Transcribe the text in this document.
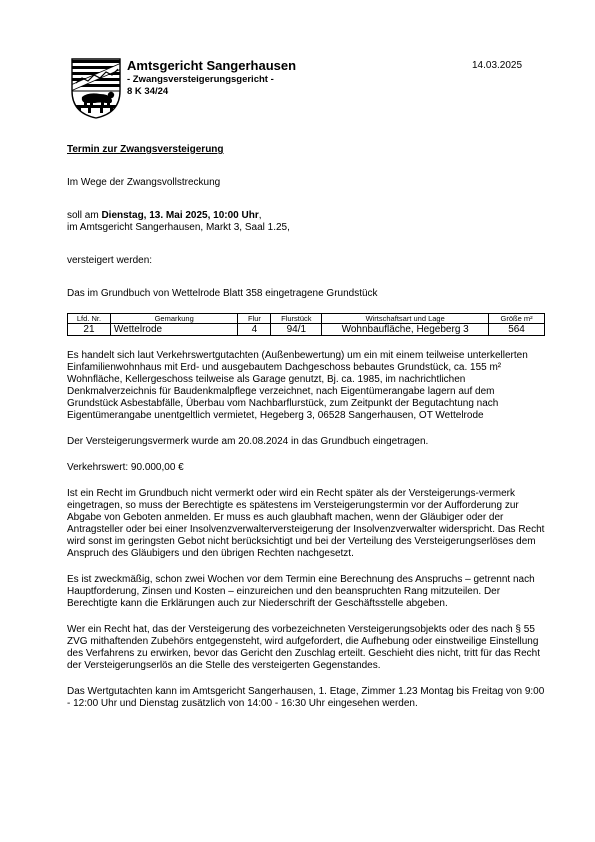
Amtsgericht Sangerhausen
- Zwangsversteigerungsgericht -
8 K 34/24
14.03.2025

Termin zur Zwangsversteigerung

Im Wege der Zwangsvollstreckung

soll am Dienstag, 13. Mai 2025, 10:00 Uhr,

im Amtsgericht Sangerhausen, Markt 3, Saal 1.25,

versteigert werden:

Das im Grundbuch von Wettelrode Blatt 358 eingetragene Grundstück

Lfd. Nr.	Gemarkung	Flur	Flurstück	Wirtschaftsart und Lage	Größe m²
21	Wettelrode	4	94/1	Wohnbaufläche, Hegeberg 3	564

Es handelt sich laut Verkehrswertgutachten (Außenbewertung) um ein mit einem teilweise unterkellerten Einfamilienwohnhaus mit Erd- und ausgebautem Dachgeschoss bebautes Grundstück, ca. 155 m² Wohnfläche, Kellergeschoss teilweise als Garage genutzt, Bj. ca. 1985, im nachrichtlichen Denkmalverzeichnis für Baudenkmalpflege verzeichnet, nach Eigentümerangabe lagern auf dem Grundstück Asbestabfälle, Überbau vom Nachbarflurstück, zum Zeitpunkt der Begutachtung nach Eigentümerangabe unentgeltlich vermietet, Hegeberg 3, 06528 Sangerhausen, OT Wettelrode

Der Versteigerungsvermerk wurde am 20.08.2024 in das Grundbuch eingetragen.

Verkehrswert: 90.000,00 €

Ist ein Recht im Grundbuch nicht vermerkt oder wird ein Recht später als der Versteigerungs-vermerk eingetragen, so muss der Berechtigte es spätestens im Versteigerungstermin vor der Aufforderung zur Abgabe von Geboten anmelden. Er muss es auch glaubhaft machen, wenn der Gläubiger oder der Antragsteller oder bei einer Insolvenzverwalterversteigerung der Insolvenzverwalter widerspricht. Das Recht wird sonst im geringsten Gebot nicht berücksichtigt und bei der Verteilung des Versteigerungserlöses dem Anspruch des Gläubigers und den übrigen Rechten nachgesetzt.

Es ist zweckmäßig, schon zwei Wochen vor dem Termin eine Berechnung des Anspruchs – getrennt nach Hauptforderung, Zinsen und Kosten – einzureichen und den beanspruchten Rang mitzuteilen. Der Berechtigte kann die Erklärungen auch zur Niederschrift der Geschäftsstelle abgeben.

Wer ein Recht hat, das der Versteigerung des vorbezeichneten Versteigerungsobjekts oder des nach § 55 ZVG mithaftenden Zubehörs entgegensteht, wird aufgefordert, die Aufhebung oder einstweilige Einstellung des Verfahrens zu erwirken, bevor das Gericht den Zuschlag erteilt. Geschieht dies nicht, tritt für das Recht der Versteigerungserlös an die Stelle des versteigerten Gegenstandes.

Das Wertgutachten kann im Amtsgericht Sangerhausen, 1. Etage, Zimmer 1.23 Montag bis Freitag von 9:00 - 12:00 Uhr und Dienstag zusätzlich von 14:00 - 16:30 Uhr eingesehen werden.
